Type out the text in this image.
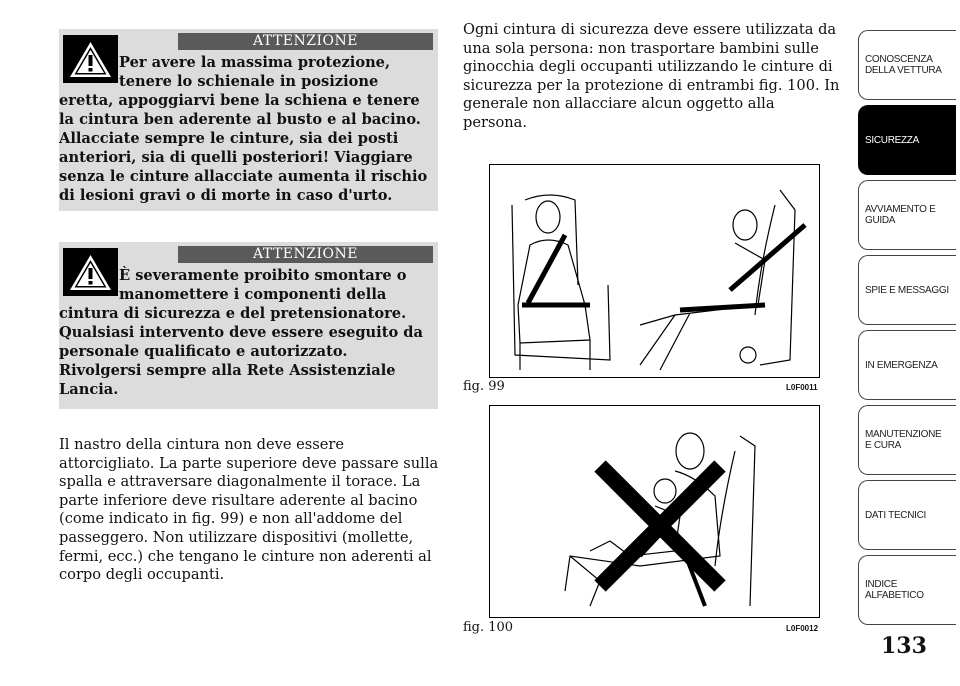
ATTENZIONE
Per avere la massima protezione, tenere lo schienale in posizione
eretta, appoggiarvi bene la schiena e tenere la cintura ben aderente al busto e al bacino. Allacciate sempre le cinture, sia dei posti anteriori, sia di quelli posteriori! Viaggiare senza le cinture allacciate aumenta il rischio di lesioni gravi o di morte in caso d'urto.
ATTENZIONE
È severamente proibito smontare o manomettere i componenti della
cintura di sicurezza e del pretensionatore. Qualsiasi intervento deve essere eseguito da personale qualificato e autorizzato. Rivolgersi sempre alla Rete Assistenziale Lancia.
Il nastro della cintura non deve essere attorcigliato. La parte superiore deve passare sulla spalla e attraversare diagonalmente il torace. La parte inferiore deve risultare aderente al bacino (come indicato in fig. 99) e non all'addome del passeggero. Non utilizzare dispositivi (mollette, fermi, ecc.) che tengano le cinture non aderenti al corpo degli occupanti.
Ogni cintura di sicurezza deve essere utilizzata da una sola persona: non trasportare bambini sulle ginocchia degli occupanti utilizzando le cinture di sicurezza per la protezione di entrambi fig. 100. In generale non allacciare alcun oggetto alla persona.
fig. 99	L0F0011
fig. 100	L0F0012
CONOSCENZA DELLA VETTURA
SICUREZZA
AVVIAMENTO E GUIDA
SPIE E MESSAGGI
IN EMERGENZA
MANUTENZIONE E CURA
DATI TECNICI
INDICE ALFABETICO
133
